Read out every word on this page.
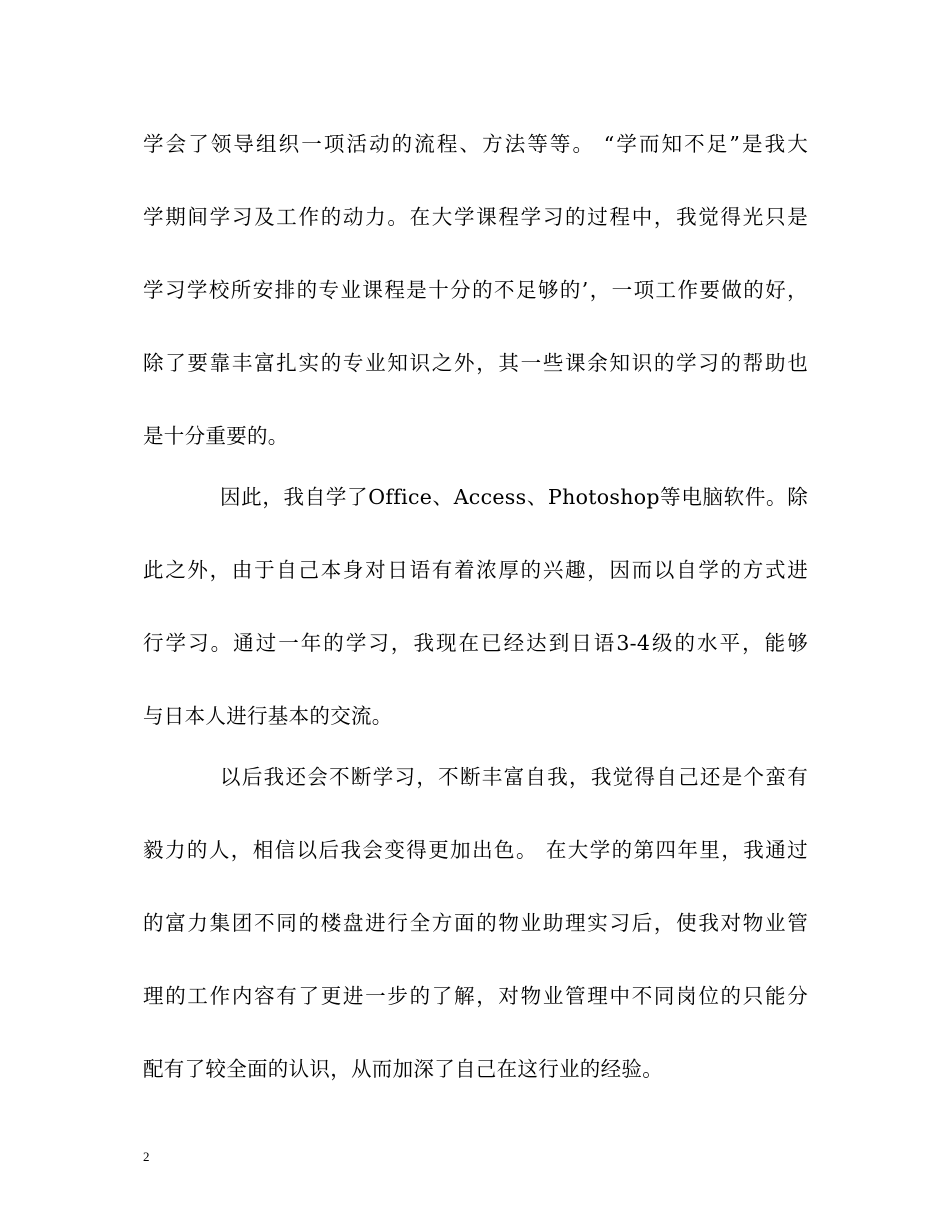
学会了领导组织一项活动的流程、方法等等。 “学而知不足”是我大
学期间学习及工作的动力。在大学课程学习的过程中，我觉得光只是
学习学校所安排的专业课程是十分的不足够的’，一项工作要做的好，
除了要靠丰富扎实的专业知识之外，其一些课余知识的学习的帮助也
是十分重要的。
因此，我自学了Office、Access、Photoshop等电脑软件。除
此之外，由于自己本身对日语有着浓厚的兴趣，因而以自学的方式进
行学习。通过一年的学习，我现在已经达到日语3-4级的水平，能够
与日本人进行基本的交流。
以后我还会不断学习，不断丰富自我，我觉得自己还是个蛮有
毅力的人，相信以后我会变得更加出色。 在大学的第四年里，我通过
的富力集团不同的楼盘进行全方面的物业助理实习后，使我对物业管
理的工作内容有了更进一步的了解，对物业管理中不同岗位的只能分
配有了较全面的认识，从而加深了自己在这行业的经验。
2
